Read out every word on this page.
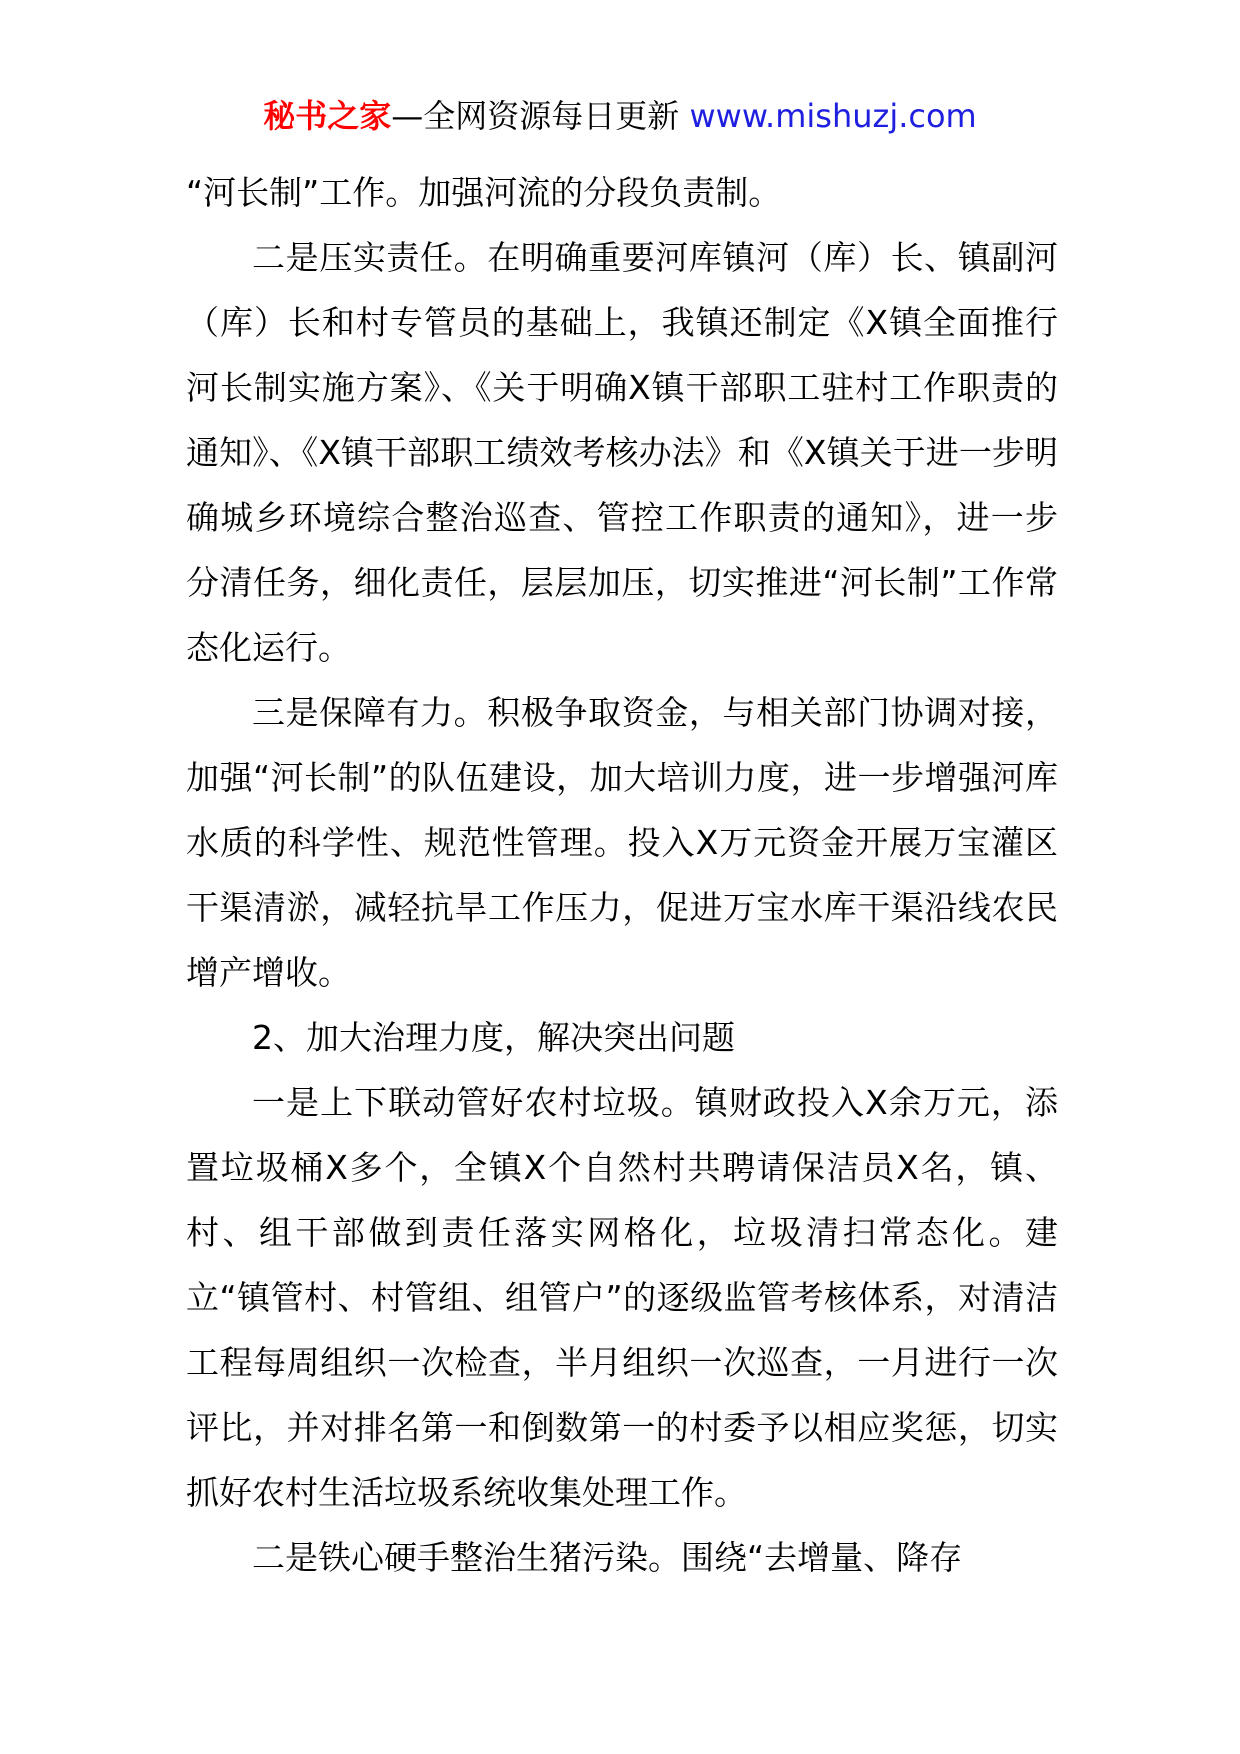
秘书之家—全网资源每日更新 www.mishuzj.com

“河长制”工作。加强河流的分段负责制。

二是压实责任。在明确重要河库镇河（库）长、镇副河（库）长和村专管员的基础上，我镇还制定《X镇全面推行河长制实施方案》、《关于明确X镇干部职工驻村工作职责的通知》、《X镇干部职工绩效考核办法》和《X镇关于进一步明确城乡环境综合整治巡查、管控工作职责的通知》，进一步分清任务，细化责任，层层加压，切实推进“河长制”工作常态化运行。

三是保障有力。积极争取资金，与相关部门协调对接，加强“河长制”的队伍建设，加大培训力度，进一步增强河库水质的科学性、规范性管理。投入X万元资金开展万宝灌区干渠清淤，减轻抗旱工作压力，促进万宝水库干渠沿线农民增产增收。

2、加大治理力度，解决突出问题

一是上下联动管好农村垃圾。镇财政投入X余万元，添置垃圾桶X多个，全镇X个自然村共聘请保洁员X名，镇、村、组干部做到责任落实网格化，垃圾清扫常态化。建立“镇管村、村管组、组管户”的逐级监管考核体系，对清洁工程每周组织一次检查，半月组织一次巡查，一月进行一次评比，并对排名第一和倒数第一的村委予以相应奖惩，切实抓好农村生活垃圾系统收集处理工作。

二是铁心硬手整治生猪污染。围绕“去增量、降存
